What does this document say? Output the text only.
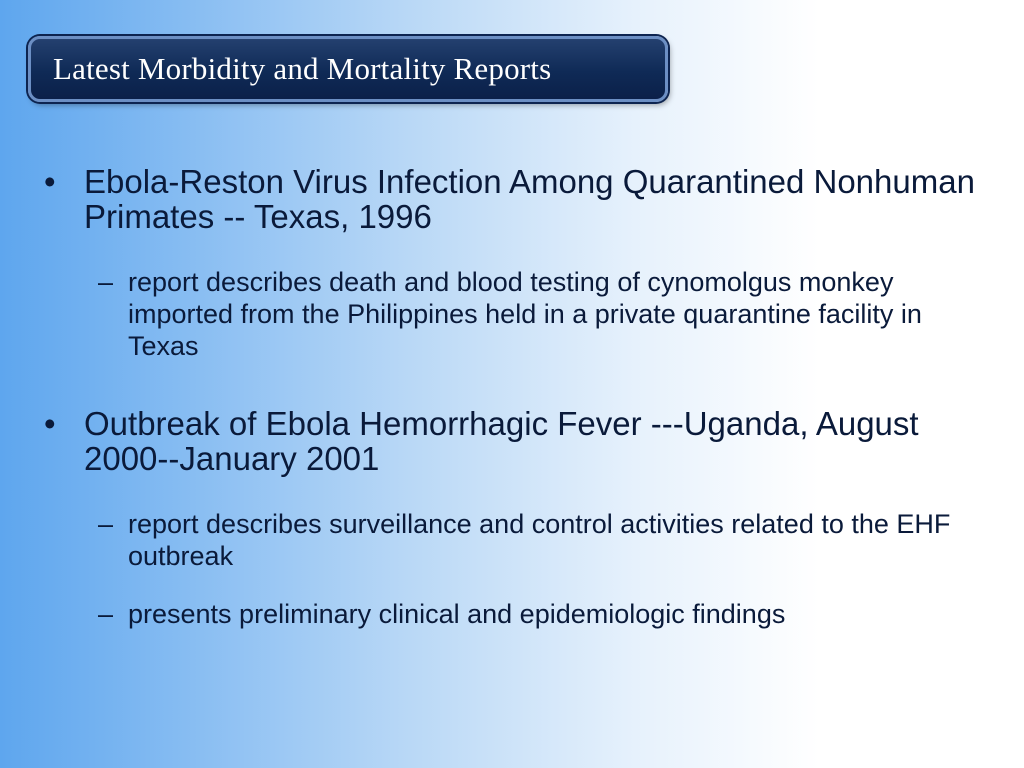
Latest Morbidity and Mortality Reports
• Ebola-Reston Virus Infection Among Quarantined Nonhuman Primates -- Texas, 1996
– report describes death and blood testing of cynomolgus monkey imported from the Philippines held in a private quarantine facility in Texas
• Outbreak of Ebola Hemorrhagic Fever ---Uganda, August 2000--January 2001
– report describes surveillance and control activities related to the EHF outbreak
– presents preliminary clinical and epidemiologic findings
